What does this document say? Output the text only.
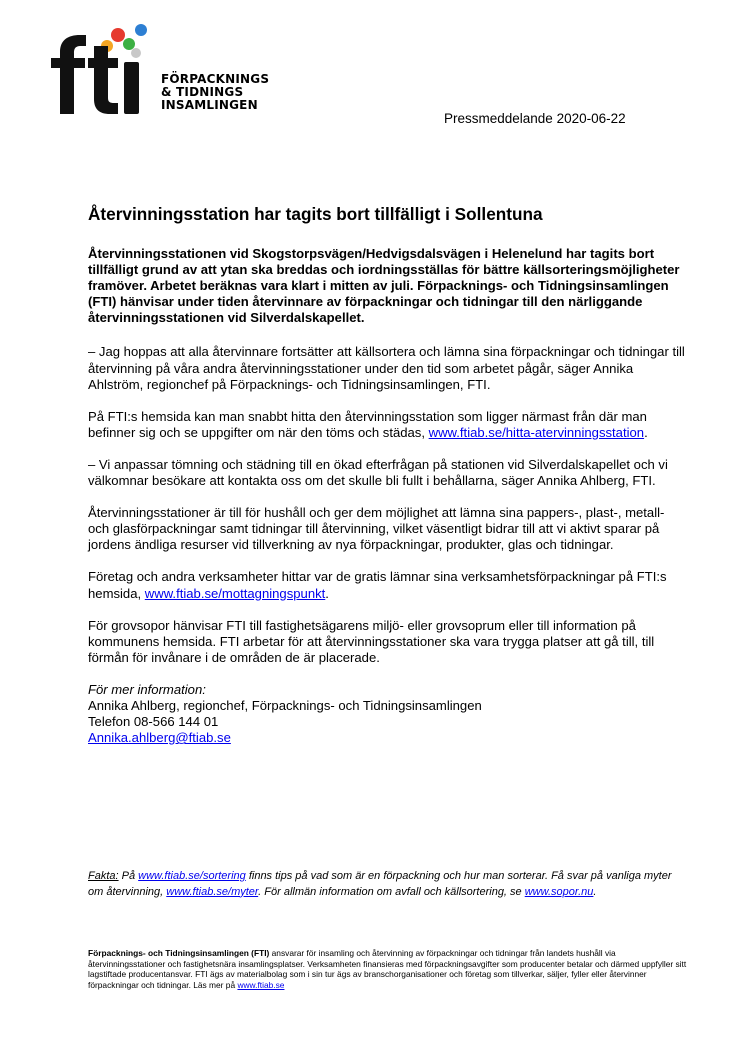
FÖRPACKNINGS
& TIDNINGS
INSAMLINGEN
Pressmeddelande 2020-06-22
Återvinningsstation har tagits bort tillfälligt i Sollentuna

Återvinningsstationen vid Skogstorpsvägen/Hedvigsdalsvägen i Helenelund har tagits bort tillfälligt grund av att ytan ska breddas och iordningsställas för bättre källsorteringsmöjligheter framöver. Arbetet beräknas vara klart i mitten av juli. Förpacknings- och Tidningsinsamlingen (FTI) hänvisar under tiden återvinnare av förpackningar och tidningar till den närliggande återvinningsstationen vid Silverdalskapellet.

– Jag hoppas att alla återvinnare fortsätter att källsortera och lämna sina förpackningar och tidningar till återvinning på våra andra återvinningsstationer under den tid som arbetet pågår, säger Annika Ahlström, regionchef på Förpacknings- och Tidningsinsamlingen, FTI.

På FTI:s hemsida kan man snabbt hitta den återvinningsstation som ligger närmast från där man befinner sig och se uppgifter om när den töms och städas, www.ftiab.se/hitta-atervinningsstation.

– Vi anpassar tömning och städning till en ökad efterfrågan på stationen vid Silverdalskapellet och vi välkomnar besökare att kontakta oss om det skulle bli fullt i behållarna, säger Annika Ahlberg, FTI.

Återvinningsstationer är till för hushåll och ger dem möjlighet att lämna sina pappers-, plast-, metall- och glasförpackningar samt tidningar till återvinning, vilket väsentligt bidrar till att vi aktivt sparar på jordens ändliga resurser vid tillverkning av nya förpackningar, produkter, glas och tidningar.

Företag och andra verksamheter hittar var de gratis lämnar sina verksamhetsförpackningar på FTI:s hemsida, www.ftiab.se/mottagningspunkt.

För grovsopor hänvisar FTI till fastighetsägarens miljö- eller grovsoprum eller till information på kommunens hemsida. FTI arbetar för att återvinningsstationer ska vara trygga platser att gå till, till förmån för invånare i de områden de är placerade.

För mer information:
Annika Ahlberg, regionchef, Förpacknings- och Tidningsinsamlingen
Telefon 08-566 144 01
Annika.ahlberg@ftiab.se
Fakta: På www.ftiab.se/sortering finns tips på vad som är en förpackning och hur man sorterar. Få svar på vanliga myter om återvinning, www.ftiab.se/myter. För allmän information om avfall och källsortering, se www.sopor.nu.
Förpacknings- och Tidningsinsamlingen (FTI) ansvarar för insamling och återvinning av förpackningar och tidningar från landets hushåll via återvinningsstationer och fastighetsnära insamlingsplatser. Verksamheten finansieras med förpackningsavgifter som producenter betalar och därmed uppfyller sitt lagstiftade producentansvar. FTI ägs av materialbolag som i sin tur ägs av branschorganisationer och företag som tillverkar, säljer, fyller eller återvinner förpackningar och tidningar. Läs mer på www.ftiab.se
